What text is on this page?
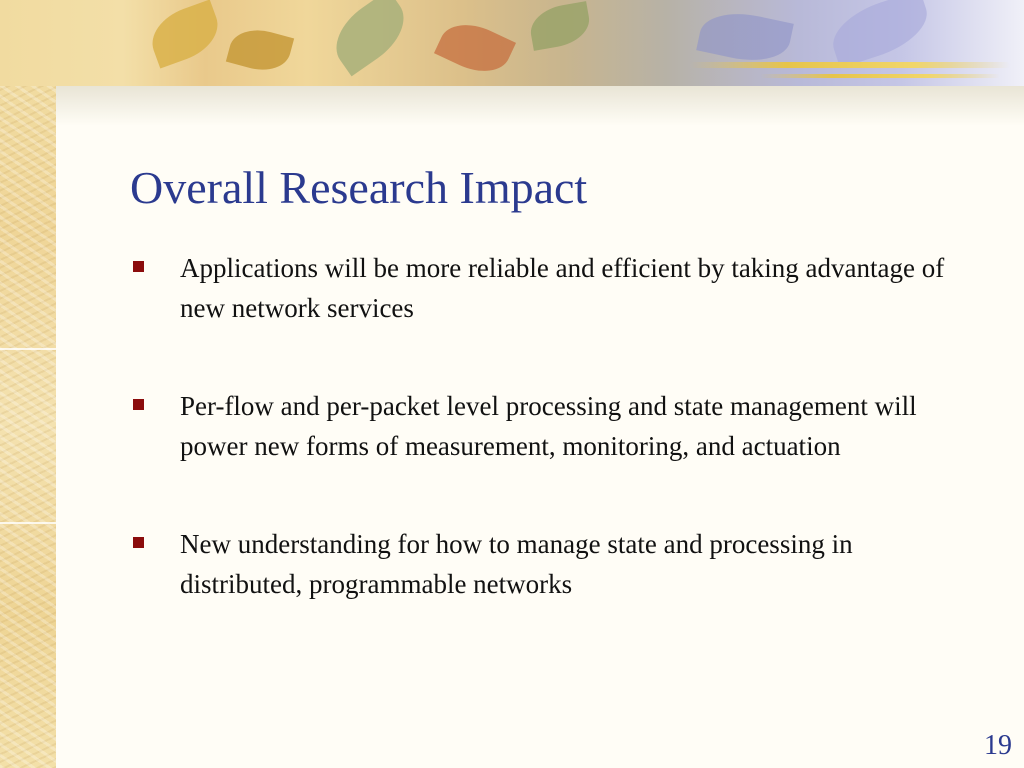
Overall Research Impact
Applications will be more reliable and efficient by taking advantage of new network services
Per-flow and per-packet level processing and state management will power new forms of measurement, monitoring, and actuation
New understanding for how to manage state and processing in distributed, programmable networks
19
